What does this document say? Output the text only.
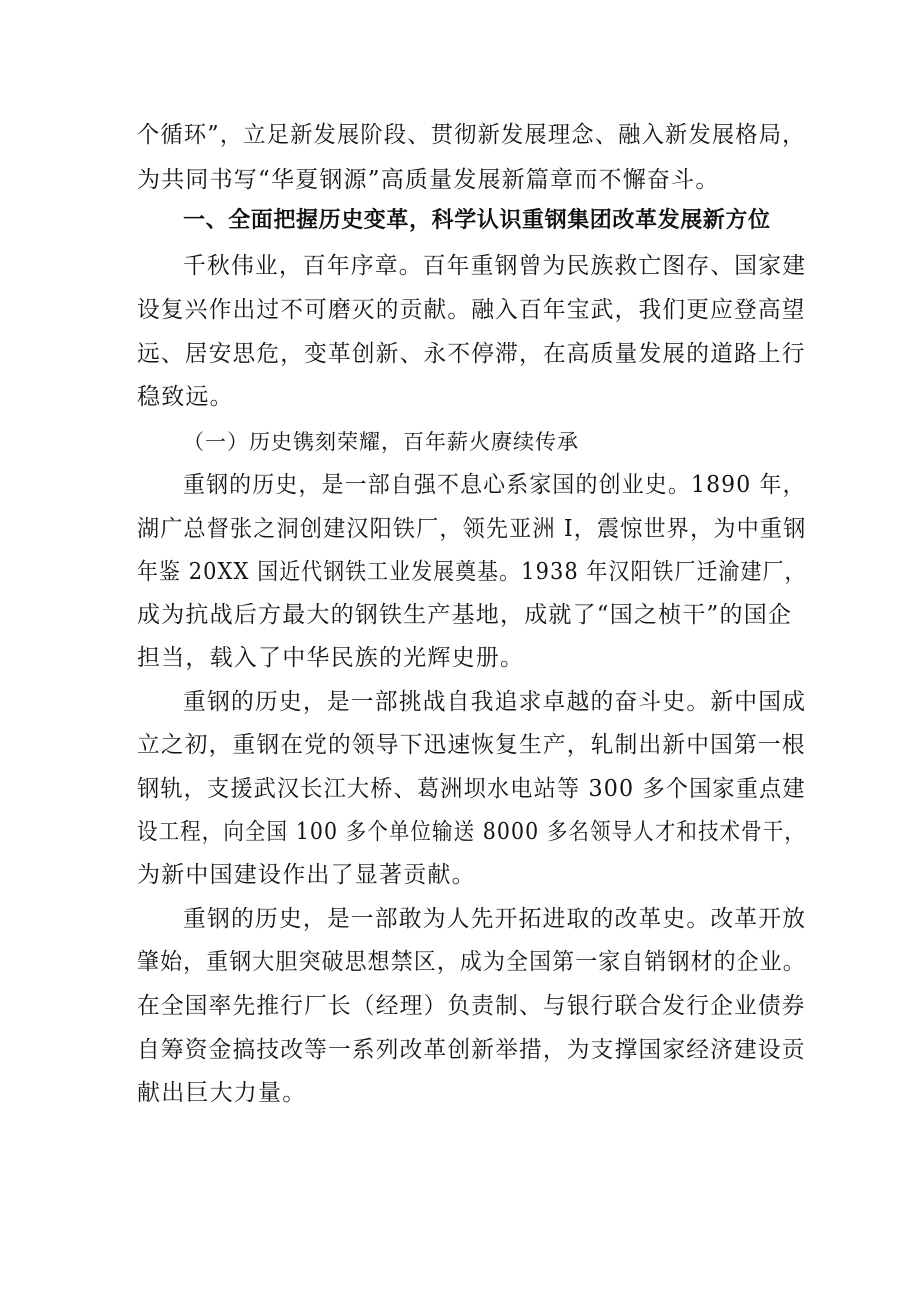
个循环”，立足新发展阶段、贯彻新发展理念、融入新发展格局，
为共同书写“华夏钢源”高质量发展新篇章而不懈奋斗。
一、全面把握历史变革，科学认识重钢集团改革发展新方位
千秋伟业，百年序章。百年重钢曾为民族救亡图存、国家建
设复兴作出过不可磨灭的贡献。融入百年宝武，我们更应登高望
远、居安思危，变革创新、永不停滞，在高质量发展的道路上行
稳致远。
（一）历史镌刻荣耀，百年薪火赓续传承
重钢的历史，是一部自强不息心系家国的创业史。1890 年，
湖广总督张之洞创建汉阳铁厂，领先亚洲 I，震惊世界，为中重钢
年鉴 20XX 国近代钢铁工业发展奠基。1938 年汉阳铁厂迁渝建厂，
成为抗战后方最大的钢铁生产基地，成就了“国之桢干”的国企
担当，载入了中华民族的光辉史册。
重钢的历史，是一部挑战自我追求卓越的奋斗史。新中国成
立之初，重钢在党的领导下迅速恢复生产，轧制出新中国第一根
钢轨，支援武汉长江大桥、葛洲坝水电站等 300 多个国家重点建
设工程，向全国 100 多个单位输送 8000 多名领导人才和技术骨干，
为新中国建设作出了显著贡献。
重钢的历史，是一部敢为人先开拓进取的改革史。改革开放
肇始，重钢大胆突破思想禁区，成为全国第一家自销钢材的企业。
在全国率先推行厂长（经理）负责制、与银行联合发行企业债券
自筹资金搞技改等一系列改革创新举措，为支撑国家经济建设贡
献出巨大力量。
